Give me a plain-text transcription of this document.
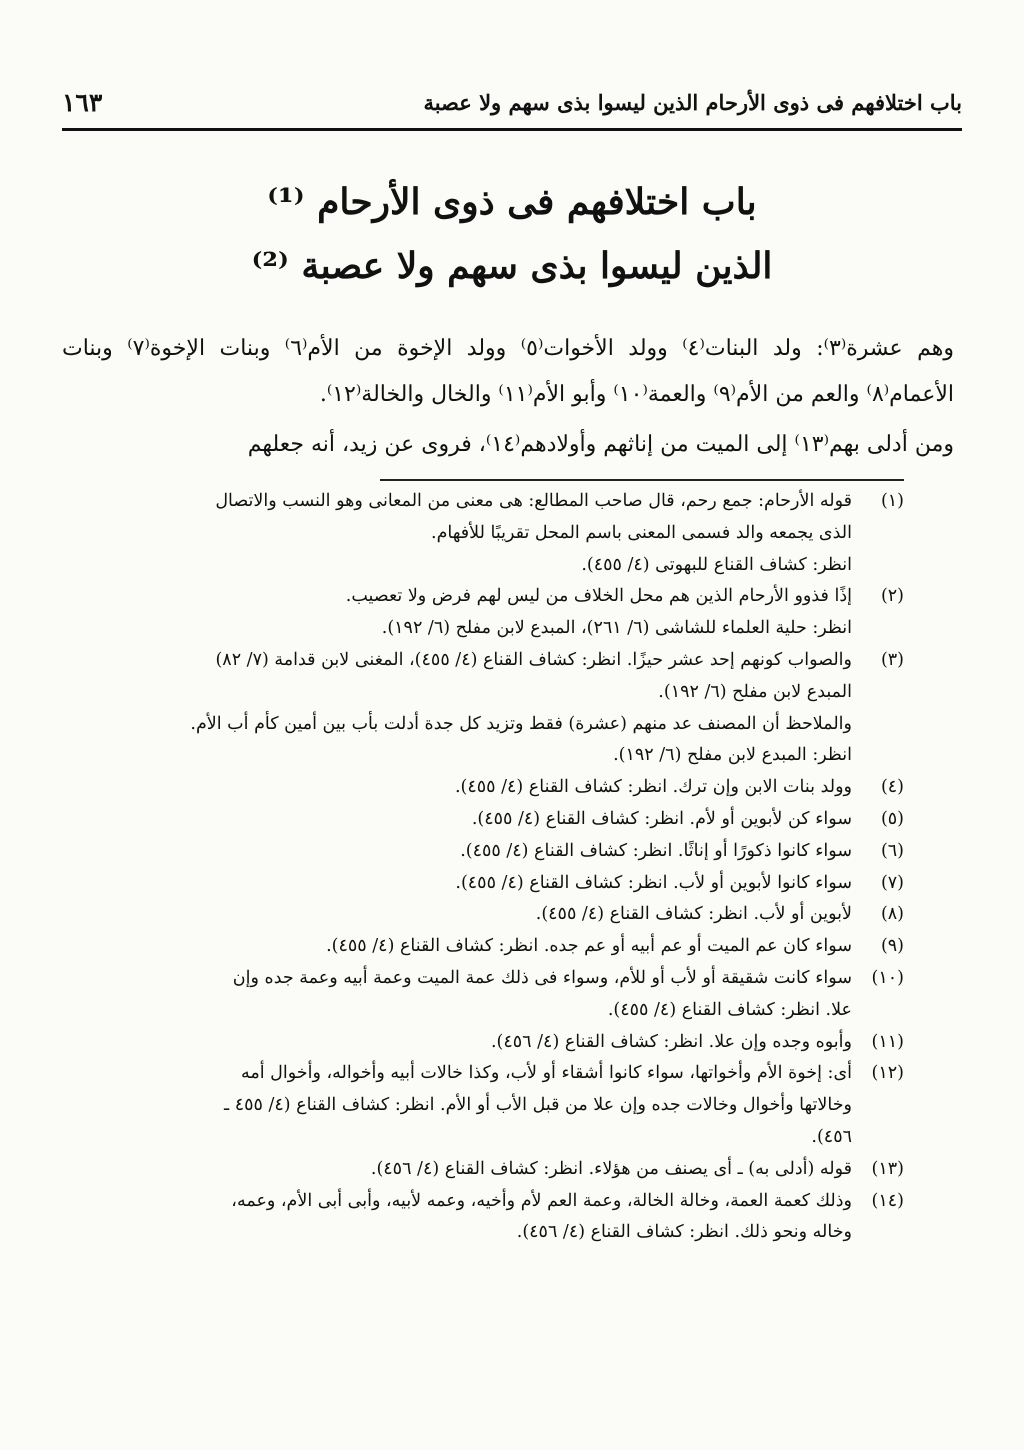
باب اختلافهم فى ذوى الأرحام الذين ليسوا بذى سهم ولا عصبة
١٦٣
باب اختلافهم فى ذوى الأرحام ⁽¹⁾
الذين ليسوا بذى سهم ولا عصبة ⁽²⁾

وهم عشرة⁽٣⁾: ولد البنات⁽٤⁾ وولد الأخوات⁽٥⁾ وولد الإخوة من الأم⁽٦⁾ وبنات الإخوة⁽٧⁾ وبنات الأعمام⁽٨⁾ والعم من الأم⁽٩⁾ والعمة⁽١٠⁾ وأبو الأم⁽١١⁾ والخال والخالة⁽١٢⁾.

ومن أدلى بهم⁽١٣⁾ إلى الميت من إناثهم وأولادهم⁽١٤⁾، فروى عن زيد، أنه جعلهم

(١)
قوله الأرحام: جمع رحم، قال صاحب المطالع: هى معنى من المعانى وهو النسب والاتصال
الذى يجمعه والد فسمى المعنى باسم المحل تقريبًا للأفهام.
انظر: كشاف القناع للبهوتى (٤/ ٤٥٥).
(٢)
إذًا فذوو الأرحام الذين هم محل الخلاف من ليس لهم فرض ولا تعصيب.
انظر: حلية العلماء للشاشى (٦/ ٢٦١)، المبدع لابن مفلح (٦/ ١٩٢).
(٣)
والصواب كونهم إحد عشر حيزًا. انظر: كشاف القناع (٤/ ٤٥٥)، المغنى لابن قدامة (٧/ ٨٢)
المبدع لابن مفلح (٦/ ١٩٢).
والملاحظ أن المصنف عد منهم (عشرة) فقط وتزيد كل جدة أدلت بأب بين أمين كأم أب الأم.
انظر: المبدع لابن مفلح (٦/ ١٩٢).
(٤)
وولد بنات الابن وإن ترك. انظر: كشاف القناع (٤/ ٤٥٥).
(٥)
سواء كن لأبوين أو لأم. انظر: كشاف القناع (٤/ ٤٥٥).
(٦)
سواء كانوا ذكورًا أو إناثًا. انظر: كشاف القناع (٤/ ٤٥٥).
(٧)
سواء كانوا لأبوين أو لأب. انظر: كشاف القناع (٤/ ٤٥٥).
(٨)
لأبوين أو لأب. انظر: كشاف القناع (٤/ ٤٥٥).
(٩)
سواء كان عم الميت أو عم أبيه أو عم جده. انظر: كشاف القناع (٤/ ٤٥٥).
(١٠)
سواء كانت شقيقة أو لأب أو للأم، وسواء فى ذلك عمة الميت وعمة أبيه وعمة جده وإن
علا. انظر: كشاف القناع (٤/ ٤٥٥).
(١١)
وأبوه وجده وإن علا. انظر: كشاف القناع (٤/ ٤٥٦).
(١٢)
أى: إخوة الأم وأخواتها، سواء كانوا أشقاء أو لأب، وكذا خالات أبيه وأخواله، وأخوال أمه
وخالاتها وأخوال وخالات جده وإن علا من قبل الأب أو الأم. انظر: كشاف القناع (٤/ ٤٥٥ ـ
٤٥٦).
(١٣)
قوله (أدلى به) ـ أى يصنف من هؤلاء. انظر: كشاف القناع (٤/ ٤٥٦).
(١٤)
وذلك كعمة العمة، وخالة الخالة، وعمة العم لأم وأخيه، وعمه لأبيه، وأبى أبى الأم، وعمه،
وخاله ونحو ذلك. انظر: كشاف القناع (٤/ ٤٥٦).
